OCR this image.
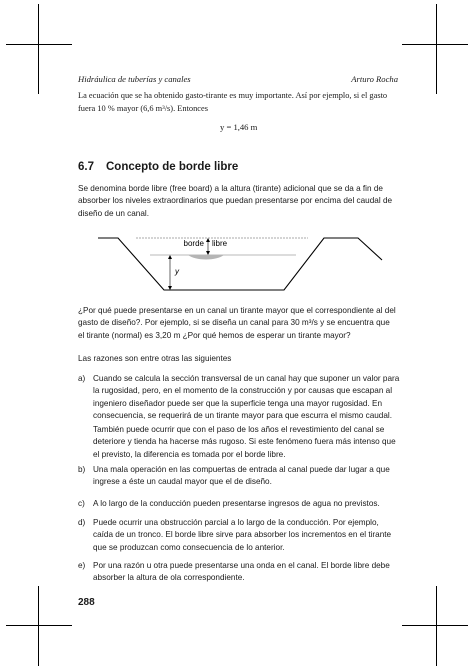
Hidráulica de tuberías y canales	Arturo Rocha
La ecuación que se ha obtenido gasto-tirante es muy importante. Así por ejemplo, si el gasto fuera 10 % mayor (6,6 m³/s). Entonces
y = 1,46 m
6.7 Concepto de borde libre
Se denomina borde libre (free board) a la altura (tirante) adicional que se da a fin de absorber los niveles extraordinarios que puedan presentarse por encima del caudal de diseño de un canal.
borde libre
y
¿Por qué puede presentarse en un canal un tirante mayor que el correspondiente al del gasto de diseño?. Por ejemplo, si se diseña un canal para 30 m³/s y se encuentra que el tirante (normal) es 3,20 m ¿Por qué hemos de esperar un tirante mayor?
Las razones son entre otras las siguientes
a) Cuando se calcula la sección transversal de un canal hay que suponer un valor para la rugosidad, pero, en el momento de la construcción y por causas que escapan al ingeniero diseñador puede ser que la superficie tenga una mayor rugosidad. En consecuencia, se requerirá de un tirante mayor para que escurra el mismo caudal.
También puede ocurrir que con el paso de los años el revestimiento del canal se deteriore y tienda ha hacerse más rugoso. Si este fenómeno fuera más intenso que el previsto, la diferencia es tomada por el borde libre.
b) Una mala operación en las compuertas de entrada al canal puede dar lugar a que ingrese a éste un caudal mayor que el de diseño.
c) A lo largo de la conducción pueden presentarse ingresos de agua no previstos.
d) Puede ocurrir una obstrucción parcial a lo largo de la conducción. Por ejemplo, caída de un tronco. El borde libre sirve para absorber los incrementos en el tirante que se produzcan como consecuencia de lo anterior.
e) Por una razón u otra puede presentarse una onda en el canal. El borde libre debe absorber la altura de ola correspondiente.
288
